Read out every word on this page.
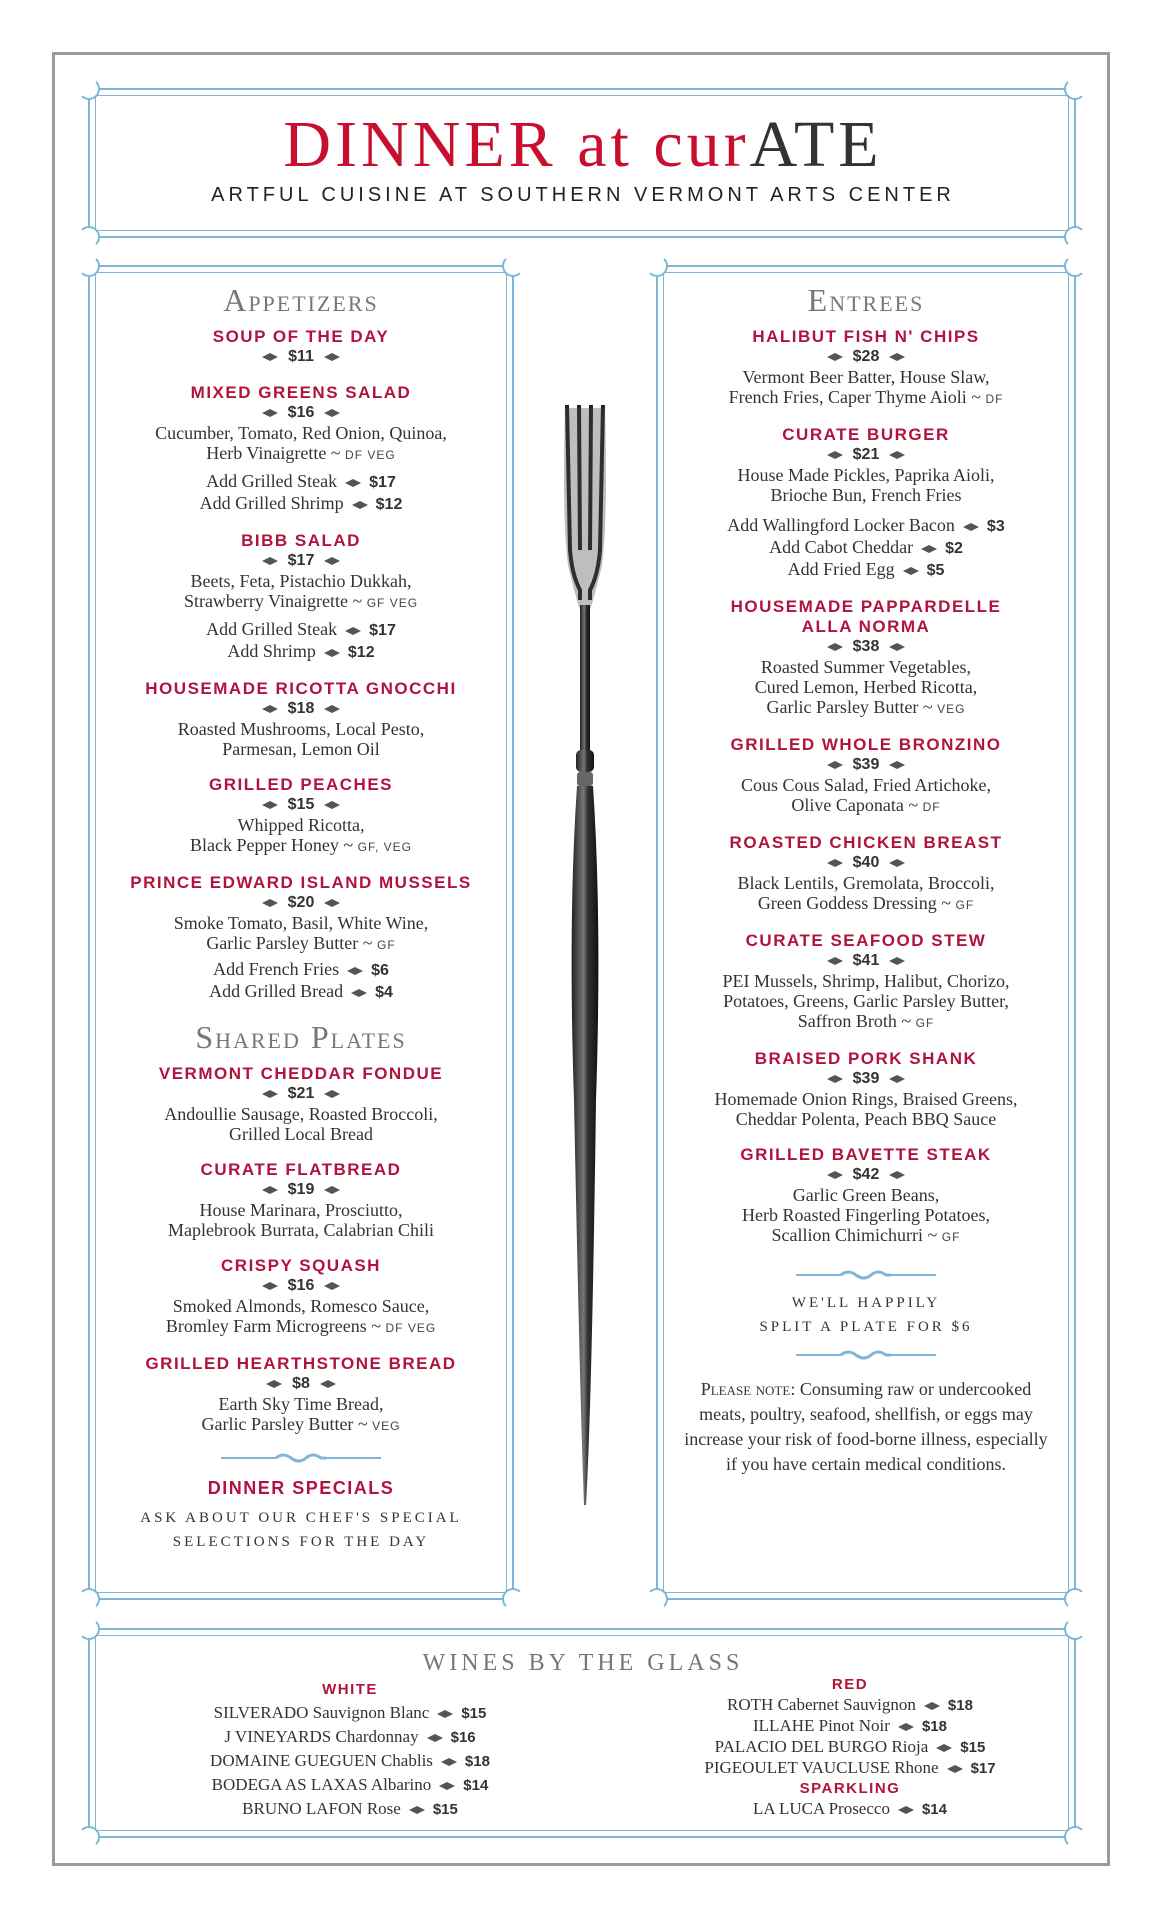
DINNER at curATE
ARTFUL CUISINE AT SOUTHERN VERMONT ARTS CENTER
Appetizers
SOUP OF THE DAY
$11
MIXED GREENS SALAD
$16
Cucumber, Tomato, Red Onion, Quinoa,
Herb Vinaigrette ~ DF VEG
Add Grilled Steak $17
Add Grilled Shrimp $12
BIBB SALAD
$17
Beets, Feta, Pistachio Dukkah,
Strawberry Vinaigrette ~ GF VEG
Add Grilled Steak $17
Add Shrimp $12
HOUSEMADE RICOTTA GNOCCHI
$18
Roasted Mushrooms, Local Pesto,
Parmesan, Lemon Oil
GRILLED PEACHES
$15
Whipped Ricotta,
Black Pepper Honey ~ GF, VEG
PRINCE EDWARD ISLAND MUSSELS
$20
Smoke Tomato, Basil, White Wine,
Garlic Parsley Butter ~ GF
Add French Fries $6
Add Grilled Bread $4
Shared Plates
VERMONT CHEDDAR FONDUE
$21
Andoullie Sausage, Roasted Broccoli,
Grilled Local Bread
CURATE FLATBREAD
$19
House Marinara, Prosciutto,
Maplebrook Burrata, Calabrian Chili
CRISPY SQUASH
$16
Smoked Almonds, Romesco Sauce,
Bromley Farm Microgreens ~ DF VEG
GRILLED HEARTHSTONE BREAD
$8
Earth Sky Time Bread,
Garlic Parsley Butter ~ VEG
DINNER SPECIALS
ASK ABOUT OUR CHEF'S SPECIAL
SELECTIONS FOR THE DAY
Entrees
HALIBUT FISH N' CHIPS
$28
Vermont Beer Batter, House Slaw,
French Fries, Caper Thyme Aioli ~ DF
CURATE BURGER
$21
House Made Pickles, Paprika Aioli,
Brioche Bun, French Fries
Add Wallingford Locker Bacon $3
Add Cabot Cheddar $2
Add Fried Egg $5
HOUSEMADE PAPPARDELLE
ALLA NORMA
$38
Roasted Summer Vegetables,
Cured Lemon, Herbed Ricotta,
Garlic Parsley Butter ~ VEG
GRILLED WHOLE BRONZINO
$39
Cous Cous Salad, Fried Artichoke,
Olive Caponata ~ DF
ROASTED CHICKEN BREAST
$40
Black Lentils, Gremolata, Broccoli,
Green Goddess Dressing ~ GF
CURATE SEAFOOD STEW
$41
PEI Mussels, Shrimp, Halibut, Chorizo,
Potatoes, Greens, Garlic Parsley Butter,
Saffron Broth ~ GF
BRAISED PORK SHANK
$39
Homemade Onion Rings, Braised Greens,
Cheddar Polenta, Peach BBQ Sauce
GRILLED BAVETTE STEAK
$42
Garlic Green Beans,
Herb Roasted Fingerling Potatoes,
Scallion Chimichurri ~ GF
WE'LL HAPPILY
SPLIT A PLATE FOR $6
Please note: Consuming raw or undercooked meats, poultry, seafood, shellfish, or eggs may increase your risk of food-borne illness, especially if you have certain medical conditions.
WINES BY THE GLASS
WHITE
SILVERADO Sauvignon Blanc $15
J VINEYARDS Chardonnay $16
DOMAINE GUEGUEN Chablis $18
BODEGA AS LAXAS Albarino $14
BRUNO LAFON Rose $15
RED
ROTH Cabernet Sauvignon $18
ILLAHE Pinot Noir $18
PALACIO DEL BURGO Rioja $15
PIGEOULET VAUCLUSE Rhone $17
SPARKLING
LA LUCA Prosecco $14
